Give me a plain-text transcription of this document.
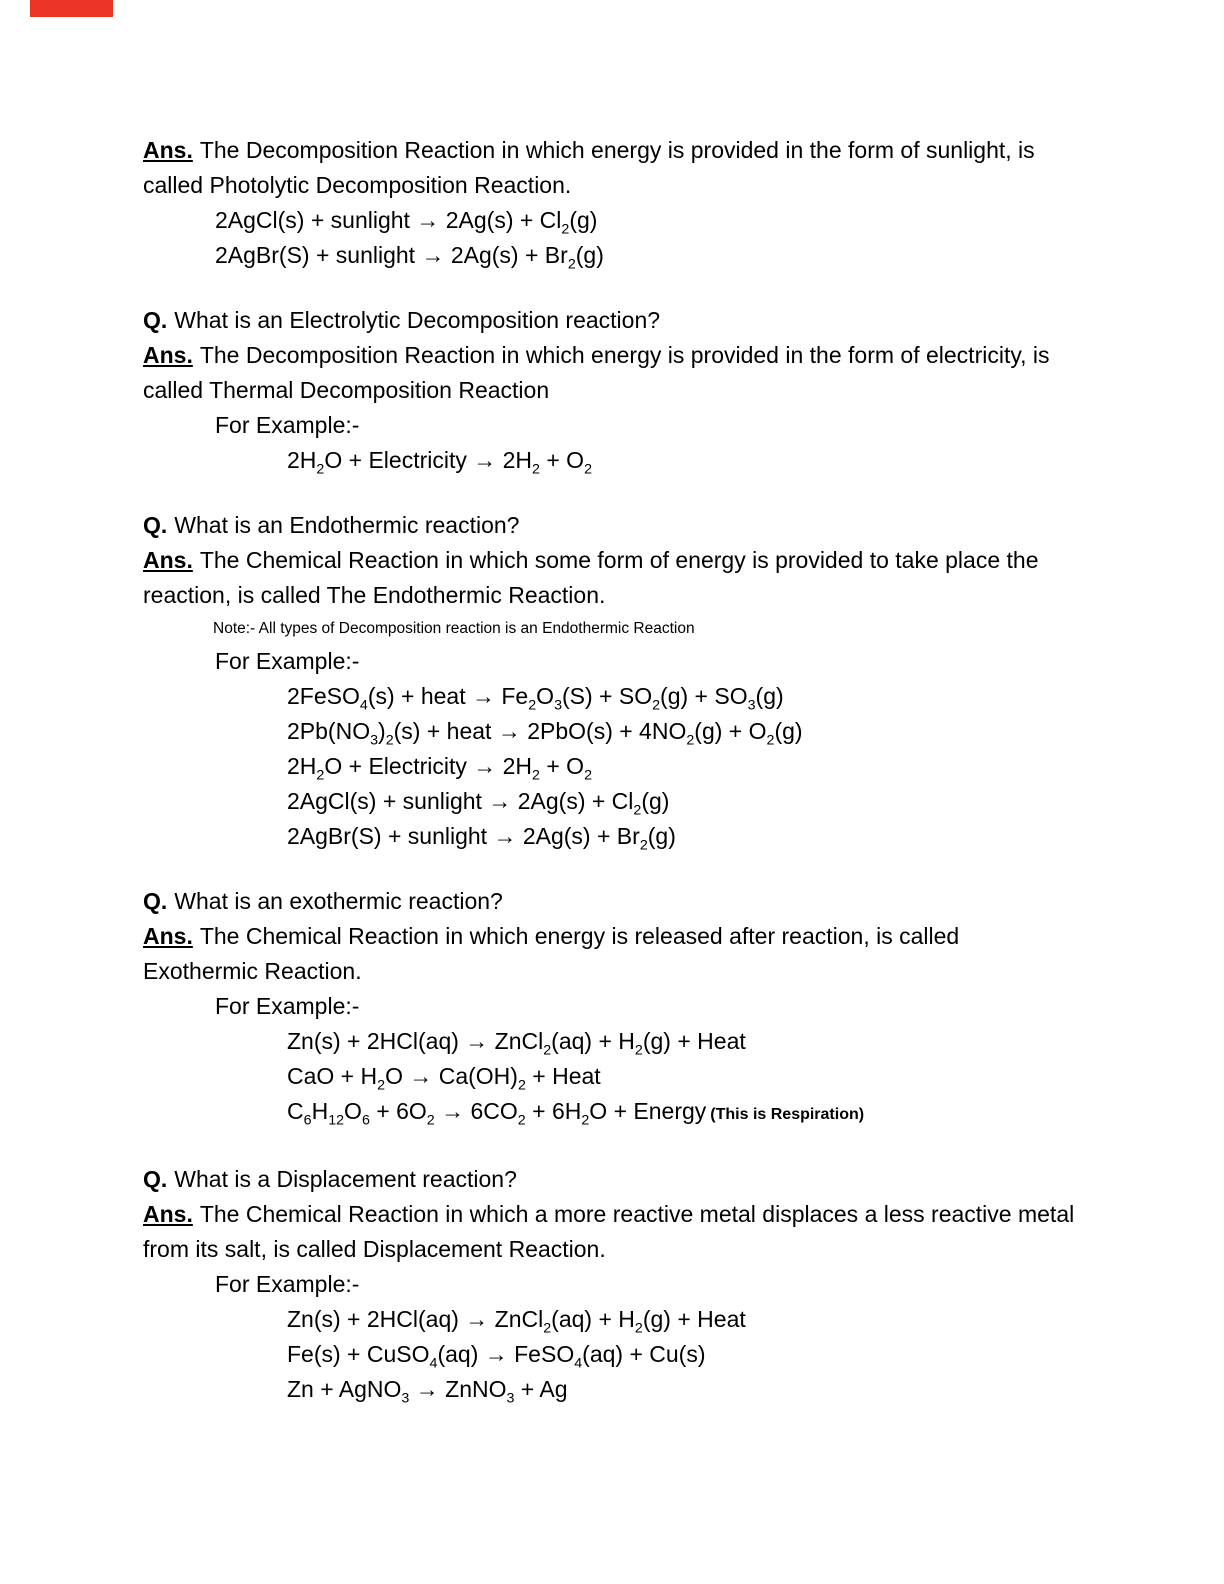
Ans. The Decomposition Reaction in which energy is provided in the form of sunlight, is called Photolytic Decomposition Reaction.

2AgCl(s) + sunlight → $2Ag(s) + Cl_2(g)$

2AgBr(S) + sunlight → $2Ag(s) + Br_2(g)$

Q. What is an Electrolytic Decomposition reaction?

Ans. The Decomposition Reaction in which energy is provided in the form of electricity, is called Thermal Decomposition Reaction

For Example:-

$2H_2O$ + Electricity → $2H_2 + O_2$

Q. What is an Endothermic reaction?

Ans. The Chemical Reaction in which some form of energy is provided to take place the reaction, is called The Endothermic Reaction.

Note:- All types of Decomposition reaction is an Endothermic Reaction

For Example:-

2FeSO$_4$(s) + heat → $Fe_2O_3(S) + SO_2(g) + SO_3(g)$

$2Pb(NO_3)_2(s)$ + heat → $2PbO(s) + 4NO_2(g) + O_2(g)$

$2H_2O$ + Electricity → $2H_2 + O_2$

2AgCl(s) + sunlight → $2Ag(s) + Cl_2(g)$

2AgBr(S) + sunlight → $2Ag(s) + Br_2(g)$

Q. What is an exothermic reaction?

Ans. The Chemical Reaction in which energy is released after reaction, is called Exothermic Reaction.

For Example:-

Zn(s) + 2HCl(aq) → ZnCl$_2$(aq) + $H_2(g)$ + Heat

CaO + $H_2O \to Ca(OH)_2$ + Heat

$C_6H_{12}O_6 + 6O_2 \to 6CO_2 + 6H_2O$ + Energy (This is Respiration)

Q. What is a Displacement reaction?

Ans. The Chemical Reaction in which a more reactive metal displaces a less reactive metal from its salt, is called Displacement Reaction.

For Example:-

Zn(s) + 2HCl(aq) → ZnCl$_2$(aq) + $H_2(g)$ + Heat

Fe(s) + CuSO$_4$(aq) → FeSO$_4$(aq) + Cu(s)

Zn + AgNO$_3$ → ZnNO$_3$ + Ag
